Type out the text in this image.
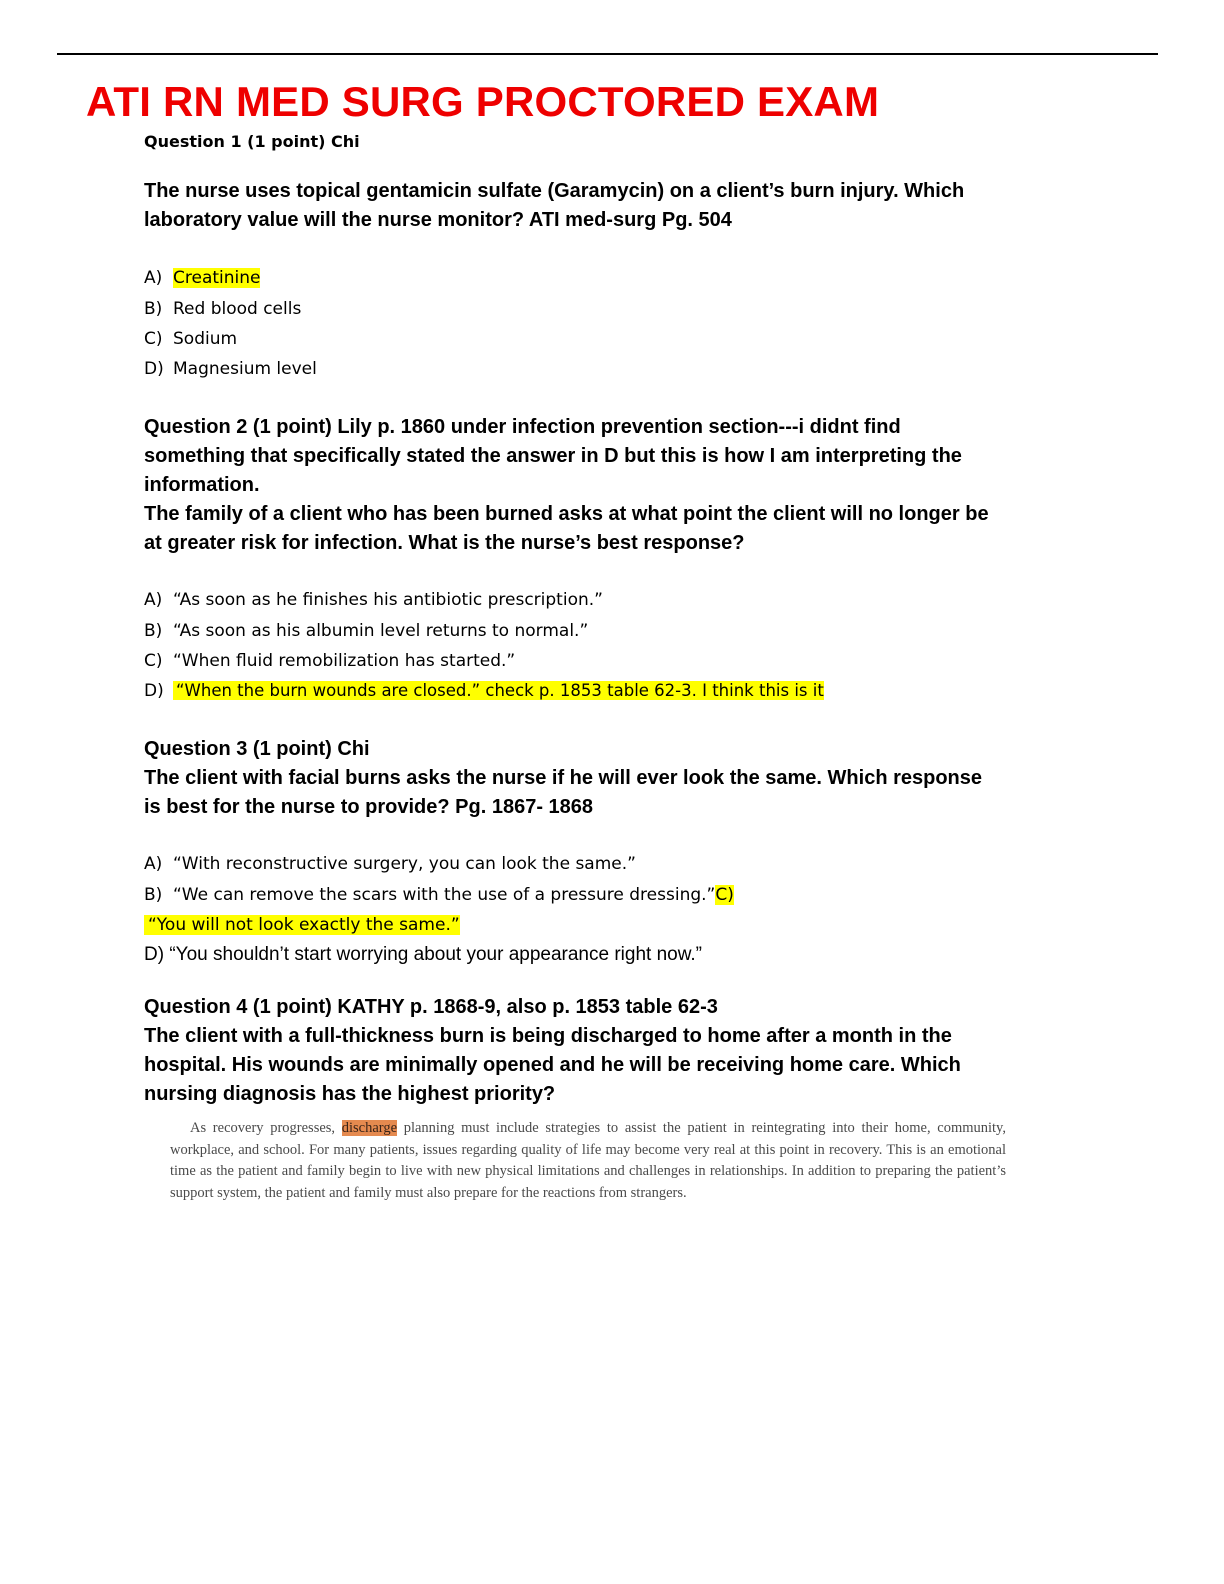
ATI RN MED SURG PROCTORED EXAM
Question 1 (1 point) Chi
The nurse uses topical gentamicin sulfate (Garamycin) on a client’s burn injury. Which
laboratory value will the nurse monitor? ATI med-surg Pg. 504
A) Creatinine
B) Red blood cells
C) Sodium
D) Magnesium level
Question 2 (1 point) Lily p. 1860 under infection prevention section---i didnt find
something that specifically stated the answer in D but this is how I am interpreting the
information.
The family of a client who has been burned asks at what point the client will no longer be
at greater risk for infection. What is the nurse’s best response?
A) “As soon as he finishes his antibiotic prescription.”
B) “As soon as his albumin level returns to normal.”
C) “When fluid remobilization has started.”
D) “When the burn wounds are closed.” check p. 1853 table 62-3. I think this is it
Question 3 (1 point) Chi
The client with facial burns asks the nurse if he will ever look the same. Which response
is best for the nurse to provide? Pg. 1867- 1868
A) “With reconstructive surgery, you can look the same.”
B) “We can remove the scars with the use of a pressure dressing.”C)
“You will not look exactly the same.”
D) “You shouldn’t start worrying about your appearance right now.”
Question 4 (1 point) KATHY p. 1868-9, also p. 1853 table 62-3
The client with a full-thickness burn is being discharged to home after a month in the
hospital. His wounds are minimally opened and he will be receiving home care. Which
nursing diagnosis has the highest priority?
As recovery progresses, discharge planning must include strategies to assist the patient in reintegrating into their home, community, workplace, and school. For many patients, issues regarding quality of life may become very real at this point in recovery. This is an emotional time as the patient and family begin to live with new physical limitations and challenges in relationships. In addition to preparing the patient’s support system, the patient and family must also prepare for the reactions from strangers.
